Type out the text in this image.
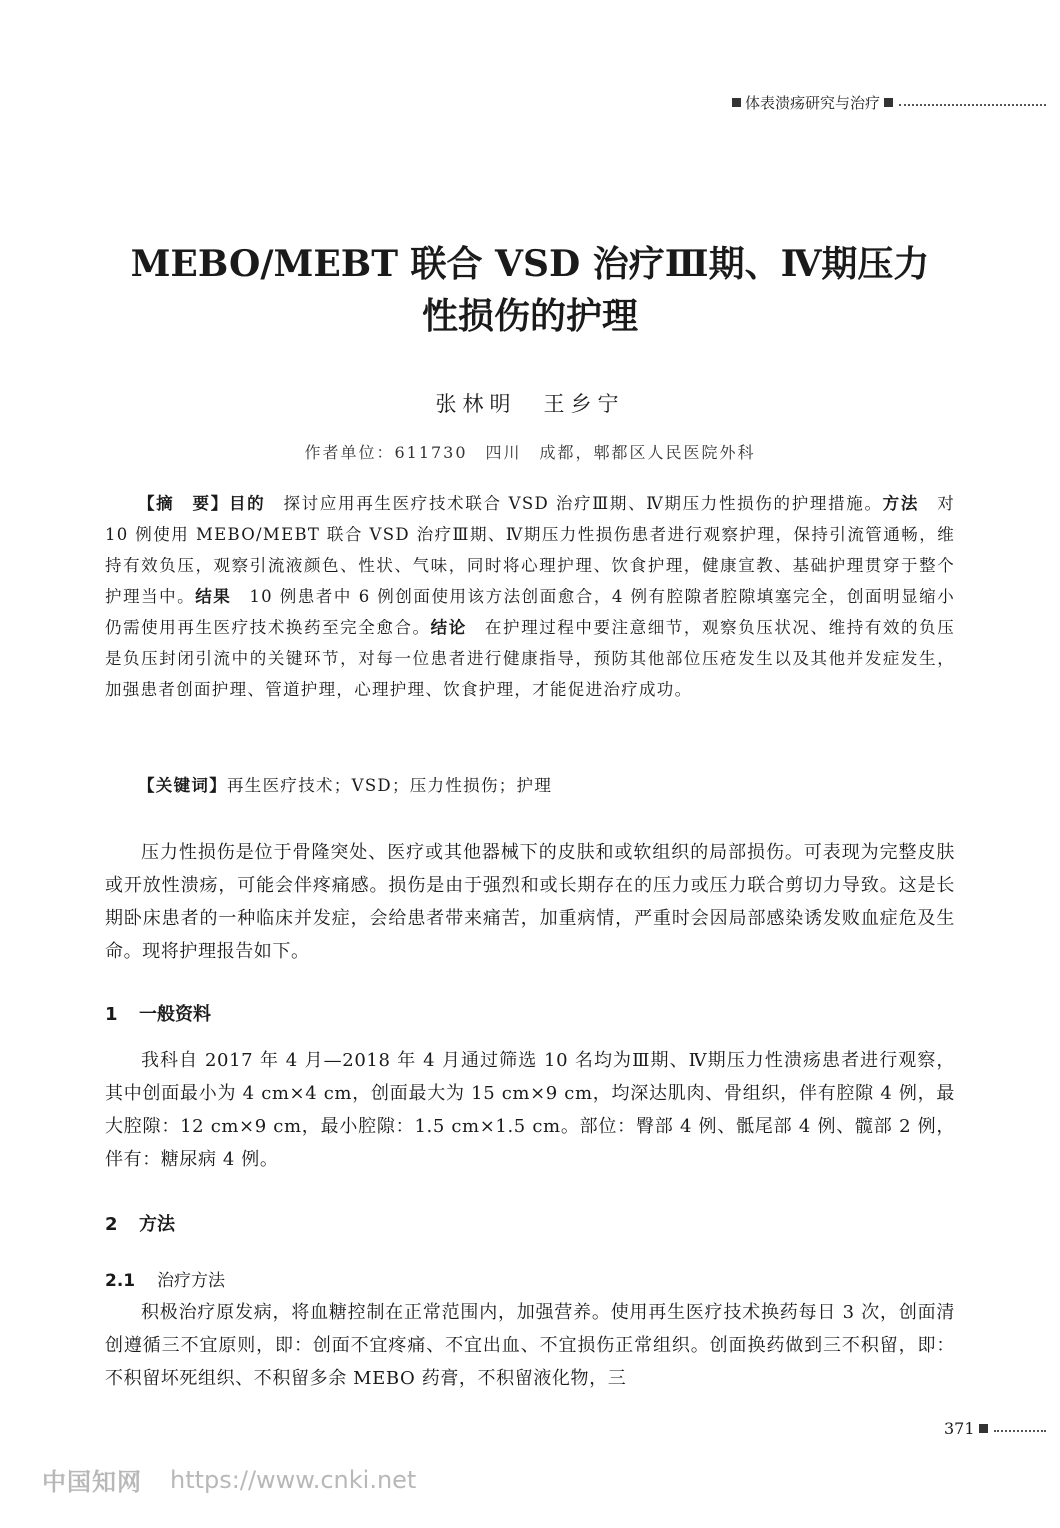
体表溃疡研究与治疗
MEBO/MEBT 联合 VSD 治疗Ⅲ期、Ⅳ期压力
性损伤的护理
张林明　王乡宁
作者单位：611730　四川　成都，郫都区人民医院外科
【摘　要】目的　探讨应用再生医疗技术联合 VSD 治疗Ⅲ期、Ⅳ期压力性损伤的护理措施。方法　对 10 例使用 MEBO/MEBT 联合 VSD 治疗Ⅲ期、Ⅳ期压力性损伤患者进行观察护理，保持引流管通畅，维持有效负压，观察引流液颜色、性状、气味，同时将心理护理、饮食护理，健康宣教、基础护理贯穿于整个护理当中。结果　10 例患者中 6 例创面使用该方法创面愈合，4 例有腔隙者腔隙填塞完全，创面明显缩小仍需使用再生医疗技术换药至完全愈合。结论　在护理过程中要注意细节，观察负压状况、维持有效的负压是负压封闭引流中的关键环节，对每一位患者进行健康指导，预防其他部位压疮发生以及其他并发症发生，加强患者创面护理、管道护理，心理护理、饮食护理，才能促进治疗成功。
【关键词】再生医疗技术；VSD；压力性损伤；护理
压力性损伤是位于骨隆突处、医疗或其他器械下的皮肤和或软组织的局部损伤。可表现为完整皮肤或开放性溃疡，可能会伴疼痛感。损伤是由于强烈和或长期存在的压力或压力联合剪切力导致。这是长期卧床患者的一种临床并发症，会给患者带来痛苦，加重病情，严重时会因局部感染诱发败血症危及生命。现将护理报告如下。
1 一般资料
我科自 2017 年 4 月—2018 年 4 月通过筛选 10 名均为Ⅲ期、Ⅳ期压力性溃疡患者进行观察，其中创面最小为 4 cm×4 cm，创面最大为 15 cm×9 cm，均深达肌肉、骨组织，伴有腔隙 4 例，最大腔隙：12 cm×9 cm，最小腔隙：1.5 cm×1.5 cm。部位：臀部 4 例、骶尾部 4 例、髋部 2 例，伴有：糖尿病 4 例。
2 方法
2.1 治疗方法
积极治疗原发病，将血糖控制在正常范围内，加强营养。使用再生医疗技术换药每日 3 次，创面清创遵循三不宜原则，即：创面不宜疼痛、不宜出血、不宜损伤正常组织。创面换药做到三不积留，即：不积留坏死组织、不积留多余 MEBO 药膏，不积留液化物，三
371
中国知网 https://www.cnki.net
